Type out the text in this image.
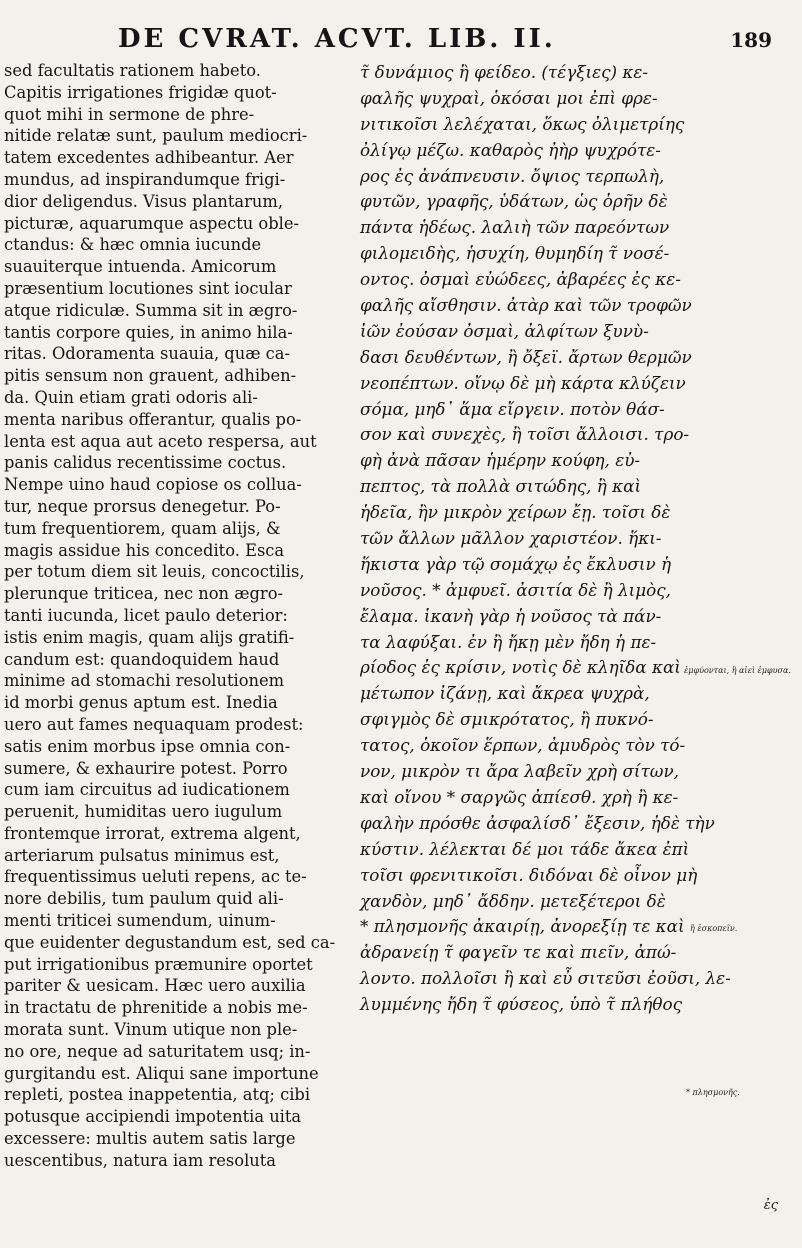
DE CVRAT. ACVT. LIB. II.	189
sed facultatis rationem habeto.
Capitis irrigationes frigidæ quot-
quot mihi in sermone de phre-
nitide relatæ sunt, paulum mediocri-
tatem excedentes adhibeantur. Aer
mundus, ad inspirandumque frigi-
dior deligendus. Visus plantarum,
picturæ, aquarumque aspectu oble-
ctandus: & hæc omnia iucunde
suauiterque intuenda. Amicorum
præsentium locutiones sint iocular
atque ridiculæ. Summa sit in ægro-
tantis corpore quies, in animo hila-
ritas. Odoramenta suauia, quæ ca-
pitis sensum non grauent, adhiben-
da. Quin etiam grati odoris ali-
menta naribus offerantur, qualis po-
lenta est aqua aut aceto respersa, aut
panis calidus recentissime coctus.
Nempe uino haud copiose os collua-
tur, neque prorsus denegetur. Po-
tum frequentiorem, quam alijs, &
magis assidue his concedito. Esca
per totum diem sit leuis, concoctilis,
plerunque triticea, nec non ægro-
tanti iucunda, licet paulo deterior:
istis enim magis, quam alijs gratifi-
candum est: quandoquidem haud
minime ad stomachi resolutionem
id morbi genus aptum est. Inedia
uero aut fames nequaquam prodest:
satis enim morbus ipse omnia con-
sumere, & exhaurire potest. Porro
cum iam circuitus ad iudicationem
peruenit, humiditas uero iugulum
frontemque irrorat, extrema algent,
arteriarum pulsatus minimus est,
frequentissimus ueluti repens, ac te-
nore debilis, tum paulum quid ali-
menti triticei sumendum, uinum-
que euidenter degustandum est, sed ca-
put irrigationibus præmunire oportet
pariter & uesicam. Hæc uero auxilia
in tractatu de phrenitide a nobis me-
morata sunt. Vinum utique non ple-
no ore, neque ad saturitatem usq; in-
gurgitandu est. Aliqui sane importune
repleti, postea inappetentia, atq; cibi
potusque accipiendi impotentia uita
excessere: multis autem satis large
uescentibus, natura iam resoluta
τ̃ δυνάμιος ἢ φείδεο. (τέγξιες) κε-
φαλῆς ψυχραὶ, ὁκόσαι μοι ἐπὶ φρε-
νιτικοῖσι λελέχαται, ὅκως ὀλιμετρίης
ὀλίγῳ μέζω. καθαρὸς ἠὴρ ψυχρότε-
ρος ἐς ἀνάπνευσιν. ὄψιος τερπωλὴ,
φυτῶν, γραφῆς, ὑδάτων, ὡς ὁρῆν δὲ
πάντα ἡδέως. λαλιὴ τῶν παρεόντων
φιλομειδὴς, ἡσυχίη, θυμηδίη τ̃ νοσέ-
οντος. ὀσμαὶ εὐώδεες, ἀβαρέες ἐς κε-
φαλῆς αἴσθησιν. ἀτὰρ καὶ τῶν τροφῶν
ἰῶν ἐούσαν ὀσμαὶ, ἀλφίτων ξυνὺ-
δασι δευθέντων, ἢ ὄξεϊ. ἄρτων θερμῶν
νεοπέπτων. οἴνῳ δὲ μὴ κάρτα κλύζειν
σόμα, μηδ᾽ ἅμα εἴργειν. ποτὸν θάσ-
σον καὶ συνεχὲς, ἢ τοῖσι ἄλλοισι. τρο-
φὴ ἀνὰ πᾶσαν ἡμέρην κούφη, εὐ-
πεπτος, τὰ πολλὰ σιτώδης, ἢ καὶ
ἡδεῖα, ἢν μικρὸν χείρων ἔῃ. τοῖσι δὲ
τῶν ἄλλων μᾶλλον χαριστέον. ἥκι-
ἥκιστα γὰρ τῷ σομάχῳ ἐς ἔκλυσιν ἡ
νοῦσος. * ἀμφυεῖ. ἀσιτία δὲ ἢ λιμὸς,
ἔλαμα. ἱκανὴ γὰρ ἡ νοῦσος τὰ πάν-
τα λαφύξαι. ἐν ἢ ἤκῃ μὲν ἤδη ἡ πε-
ρίοδος ἐς κρίσιν, νοτὶς δὲ κληῖδα καὶ
μέτωπον ἰζάνῃ, καὶ ἄκρεα ψυχρὰ,
σφιγμὸς δὲ σμικρότατος, ἢ πυκνό-
τατος, ὁκοῖον ἕρπων, ἀμυδρὸς τὸν τό-
νον, μικρὸν τι ἄρα λαβεῖν χρὴ σίτων,
καὶ οἴνου * σαργῶς ἀπίεσθ. χρὴ ἢ κε-
φαλὴν πρόσθε ἀσφαλίσδ᾽ ἔξεσιν, ἠδὲ τὴν
κύστιν. λέλεκται δέ μοι τάδε ἄκεα ἐπὶ
τοῖσι φρενιτικοῖσι. διδόναι δὲ οἶνον μὴ
χανδὸν, μηδ᾽ ἄδδην. μετεξέτεροι δὲ
* πλησμονῆς ἀκαιρίῃ, ἀνορεξίῃ τε καὶ
ἀδρανείῃ τ̃ φαγεῖν τε καὶ πιεῖν, ἀπώ-
λοντο. πολλοῖσι ἢ καὶ εὖ σιτεῦσι ἐοῦσι, λε-
λυμμένης ἤδη τ̃ φύσεος, ὑπὸ τ̃ πλήθος
ἐμφύονται, ἢ αἰεὶ ἐμφυσα.
ἢ ἐσκοπεῖν.
* πλησμονῆς.
ἐς
